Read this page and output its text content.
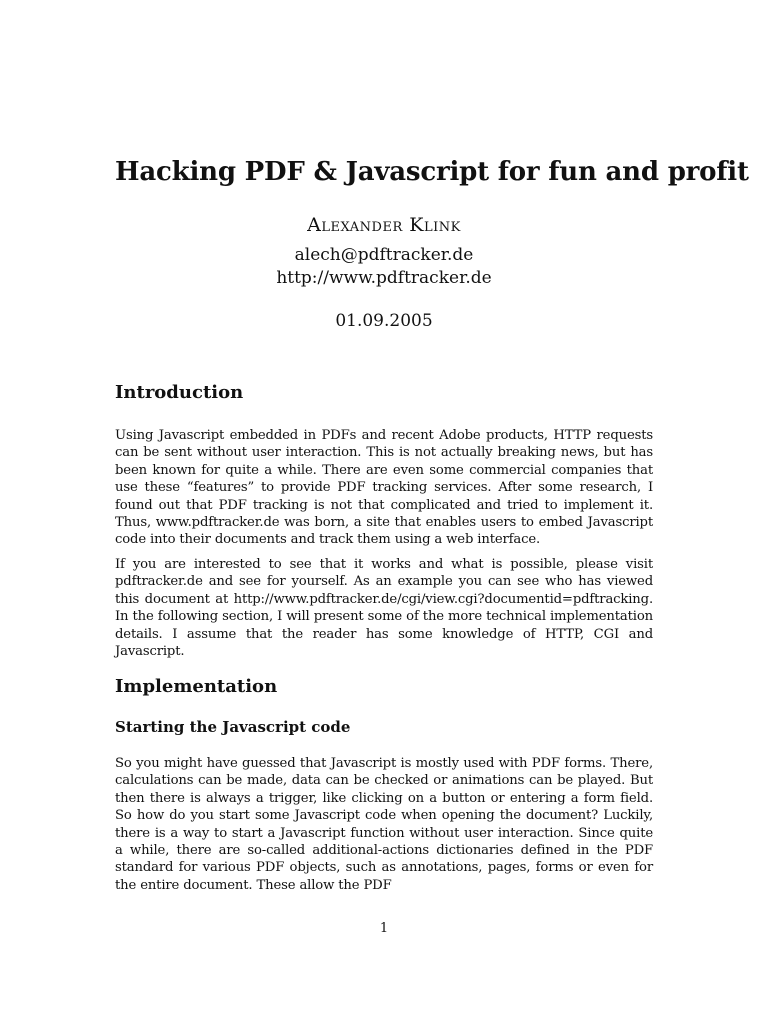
Hacking PDF & Javascript for fun and profit
Alexander Klink
alech@pdftracker.de
http://www.pdftracker.de
01.09.2005
Introduction

Using Javascript embedded in PDFs and recent Adobe products, HTTP requests can be sent without user interaction. This is not actually breaking news, but has been known for quite a while. There are even some commercial companies that use these “features” to provide PDF tracking services. After some research, I found out that PDF tracking is not that complicated and tried to implement it. Thus, www.pdftracker.de was born, a site that enables users to embed Javascript code into their documents and track them using a web interface.

If you are interested to see that it works and what is possible, please visit pdftracker.de and see for yourself. As an example you can see who has viewed this document at http://www.pdftracker.de/cgi/view.cgi?documentid=pdftracking. In the following section, I will present some of the more technical implementation details. I assume that the reader has some knowledge of HTTP, CGI and Javascript.

Implementation
Starting the Javascript code

So you might have guessed that Javascript is mostly used with PDF forms. There, calculations can be made, data can be checked or animations can be played. But then there is always a trigger, like clicking on a button or entering a form field. So how do you start some Javascript code when opening the document? Luckily, there is a way to start a Javascript function without user interaction. Since quite a while, there are so-called additional-actions dictionaries defined in the PDF standard for various PDF objects, such as annotations, pages, forms or even for the entire document. These allow the PDF

1
